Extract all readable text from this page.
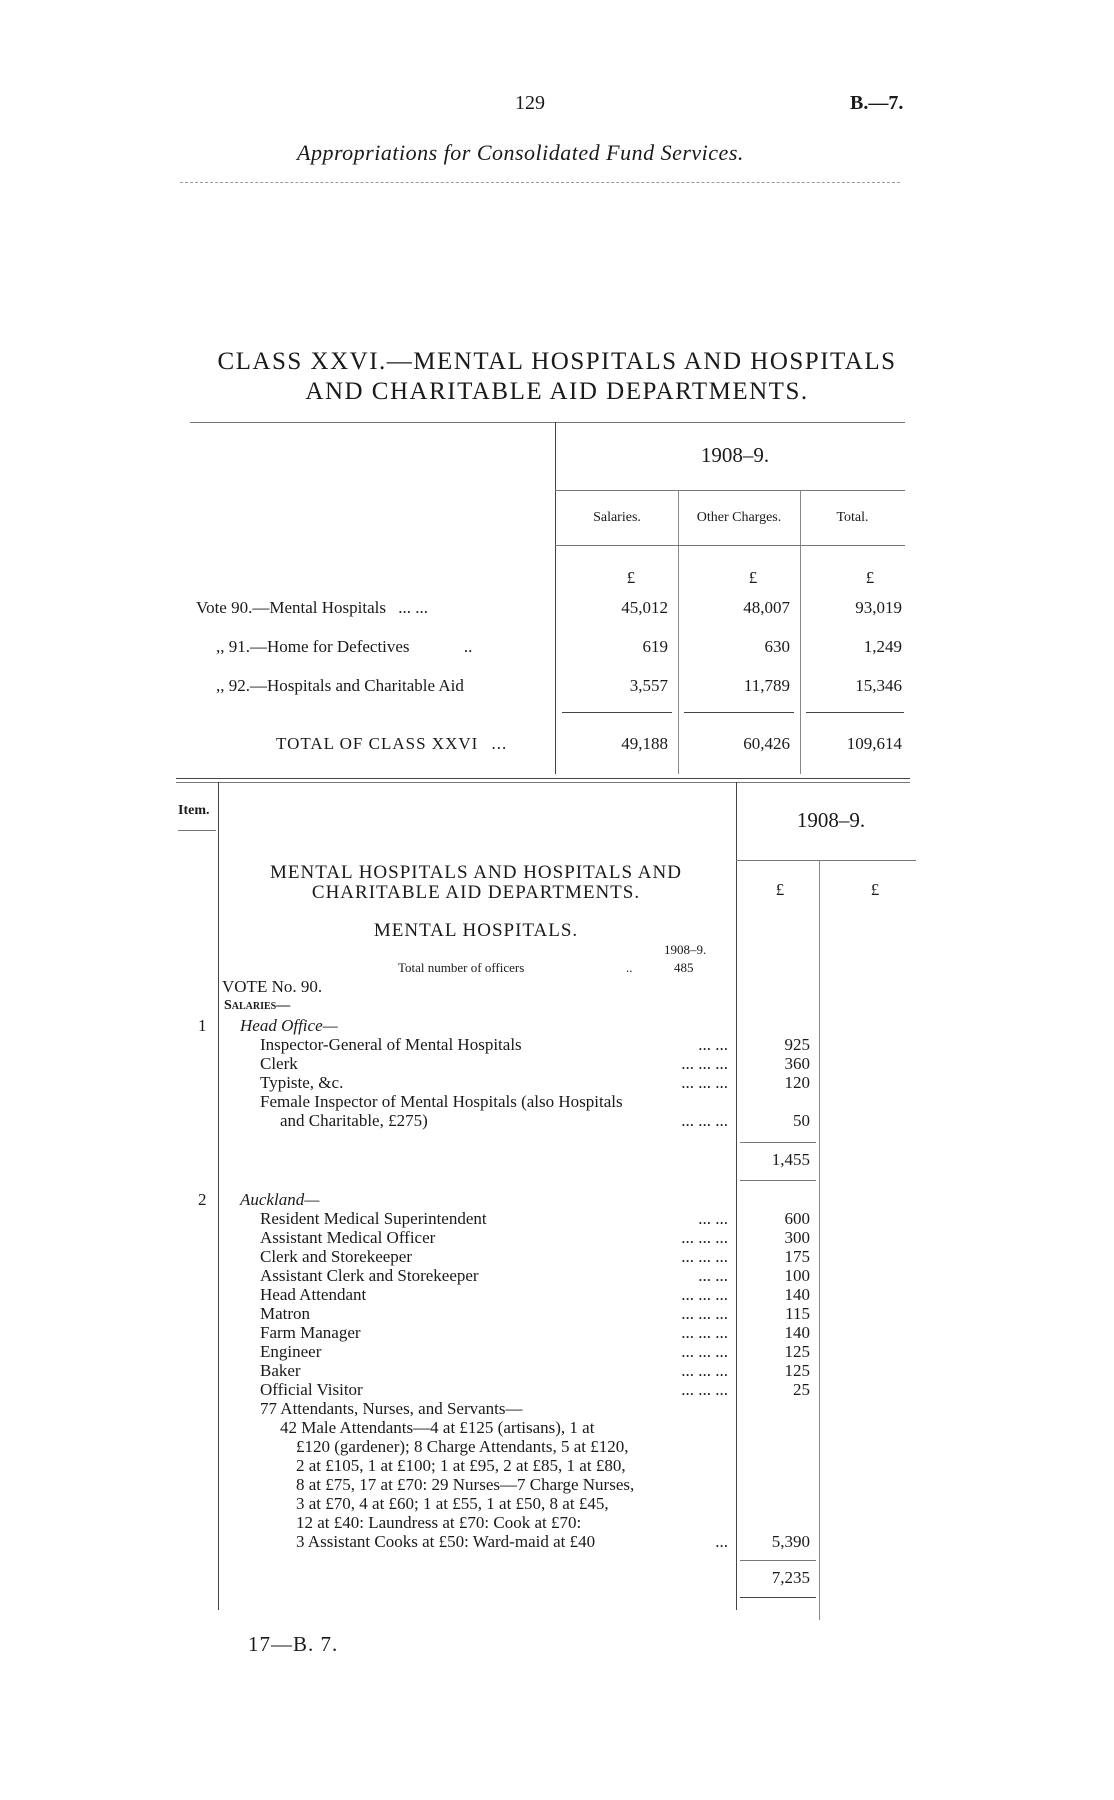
129	B.—7.
Appropriations for Consolidated Fund Services.
CLASS XXVI.—MENTAL HOSPITALS AND HOSPITALS
AND CHARITABLE AID DEPARTMENTS.
1908–9.
Salaries.	Other Charges.	Total.
£	£	£
Vote 90.—Mental Hospitals ... ...	45,012	48,007	93,019
,, 91.—Home for Defectives	..	619	630	1,249
,, 92.—Hospitals and Charitable Aid	3,557	11,789	15,346
TOTAL OF CLASS XXVI ...	49,188	60,426	109,614
Item.	1908–9.
£	£
MENTAL HOSPITALS AND HOSPITALS AND
CHARITABLE AID DEPARTMENTS.
MENTAL HOSPITALS.
1908–9.
Total number of officers	..	485
VOTE No. 90.
Salaries—
1 Head Office—
Inspector-General of Mental Hospitals	... ...	925
Clerk	... ... ...	360
Typiste, &c.	... ... ...	120
Female Inspector of Mental Hospitals (also Hospitals
and Charitable, £275)	... ... ...	50
1,455
2 Auckland—
Resident Medical Superintendent	... ...	600
Assistant Medical Officer	... ... ...	300
Clerk and Storekeeper	... ... ...	175
Assistant Clerk and Storekeeper	... ...	100
Head Attendant	... ... ...	140
Matron	... ... ...	115
Farm Manager	... ... ...	140
Engineer	... ... ...	125
Baker	... ... ...	125
Official Visitor	... ... ...	25
77 Attendants, Nurses, and Servants—
42 Male Attendants—4 at £125 (artisans), 1 at
£120 (gardener); 8 Charge Attendants, 5 at £120,
2 at £105, 1 at £100; 1 at £95, 2 at £85, 1 at £80,
8 at £75, 17 at £70: 29 Nurses—7 Charge Nurses,
3 at £70, 4 at £60; 1 at £55, 1 at £50, 8 at £45,
12 at £40: Laundress at £70: Cook at £70:
3 Assistant Cooks at £50: Ward-maid at £40	...	5,390
7,235
17—B. 7.
